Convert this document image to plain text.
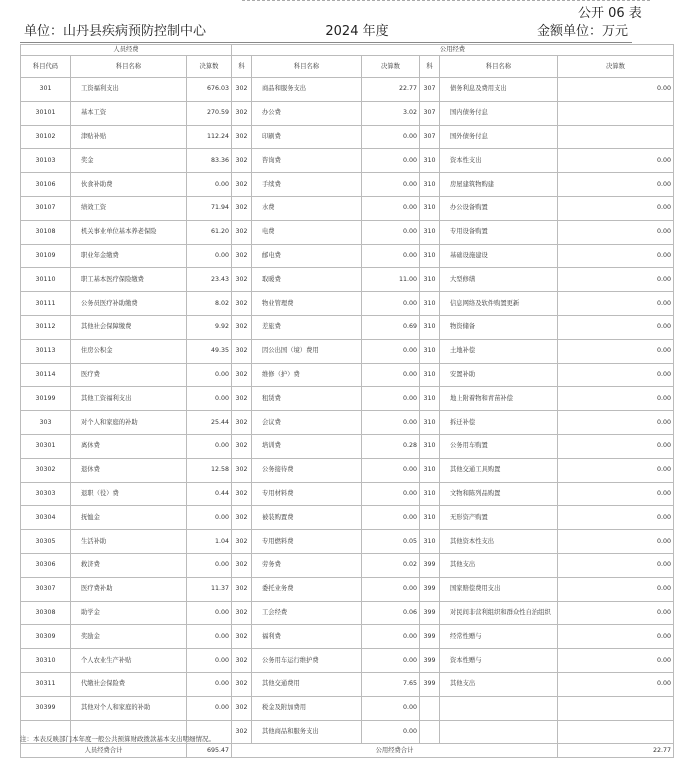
公开 06 表
单位：山丹县疾病预防控制中心	2024 年度	金额单位：万元
人员经费			公用经费					
科目代码	科目名称	决算数	科	科目名称	决算数	科	科目名称	决算数
301	工资福利支出	676.03	302	商品和服务支出	22.77	307	债务利息及费用支出	0.00
30101	基本工资	270.59	302	办公费	3.02	307	国内债务付息	
30102	津贴补贴	112.24	302	印刷费	0.00	307	国外债务付息	
30103	奖金	83.36	302	咨询费	0.00	310	资本性支出	0.00
30106	伙食补助费	0.00	302	手续费	0.00	310	房屋建筑物购建	0.00
30107	绩效工资	71.94	302	水费	0.00	310	办公设备购置	0.00
30108	机关事业单位基本养老保险	61.20	302	电费	0.00	310	专用设备购置	0.00
30109	职业年金缴费	0.00	302	邮电费	0.00	310	基础设施建设	0.00
30110	职工基本医疗保险缴费	23.43	302	取暖费	11.00	310	大型修缮	0.00
30111	公务员医疗补助缴费	8.02	302	物业管理费	0.00	310	信息网络及软件购置更新	0.00
30112	其他社会保障缴费	9.92	302	差旅费	0.69	310	物资储备	0.00
30113	住房公积金	49.35	302	因公出国（境）费用	0.00	310	土地补偿	0.00
30114	医疗费	0.00	302	维修（护）费	0.00	310	安置补助	0.00
30199	其他工资福利支出	0.00	302	租赁费	0.00	310	地上附着物和青苗补偿	0.00
303	对个人和家庭的补助	25.44	302	会议费	0.00	310	拆迁补偿	0.00
30301	离休费	0.00	302	培训费	0.28	310	公务用车购置	0.00
30302	退休费	12.58	302	公务接待费	0.00	310	其他交通工具购置	0.00
30303	退职（役）费	0.44	302	专用材料费	0.00	310	文物和陈列品购置	0.00
30304	抚恤金	0.00	302	被装购置费	0.00	310	无形资产购置	0.00
30305	生活补助	1.04	302	专用燃料费	0.05	310	其他资本性支出	0.00
30306	救济费	0.00	302	劳务费	0.02	399	其他支出	0.00
30307	医疗费补助	11.37	302	委托业务费	0.00	399	国家赔偿费用支出	0.00
30308	助学金	0.00	302	工会经费	0.06	399	对民间非营利组织和群众性自治组织	0.00
30309	奖励金	0.00	302	福利费	0.00	399	经常性赠与	0.00
30310	个人农业生产补贴	0.00	302	公务用车运行维护费	0.00	399	资本性赠与	0.00
30311	代缴社会保险费	0.00	302	其他交通费用	7.65	399	其他支出	0.00
30399	其他对个人和家庭的补助	0.00	302	税金及附加费用	0.00			
			302	其他商品和服务支出	0.00			
人员经费合计		695.47	公用经费合计					22.77
注：本表反映部门本年度一般公共预算财政拨款基本支出明细情况。
